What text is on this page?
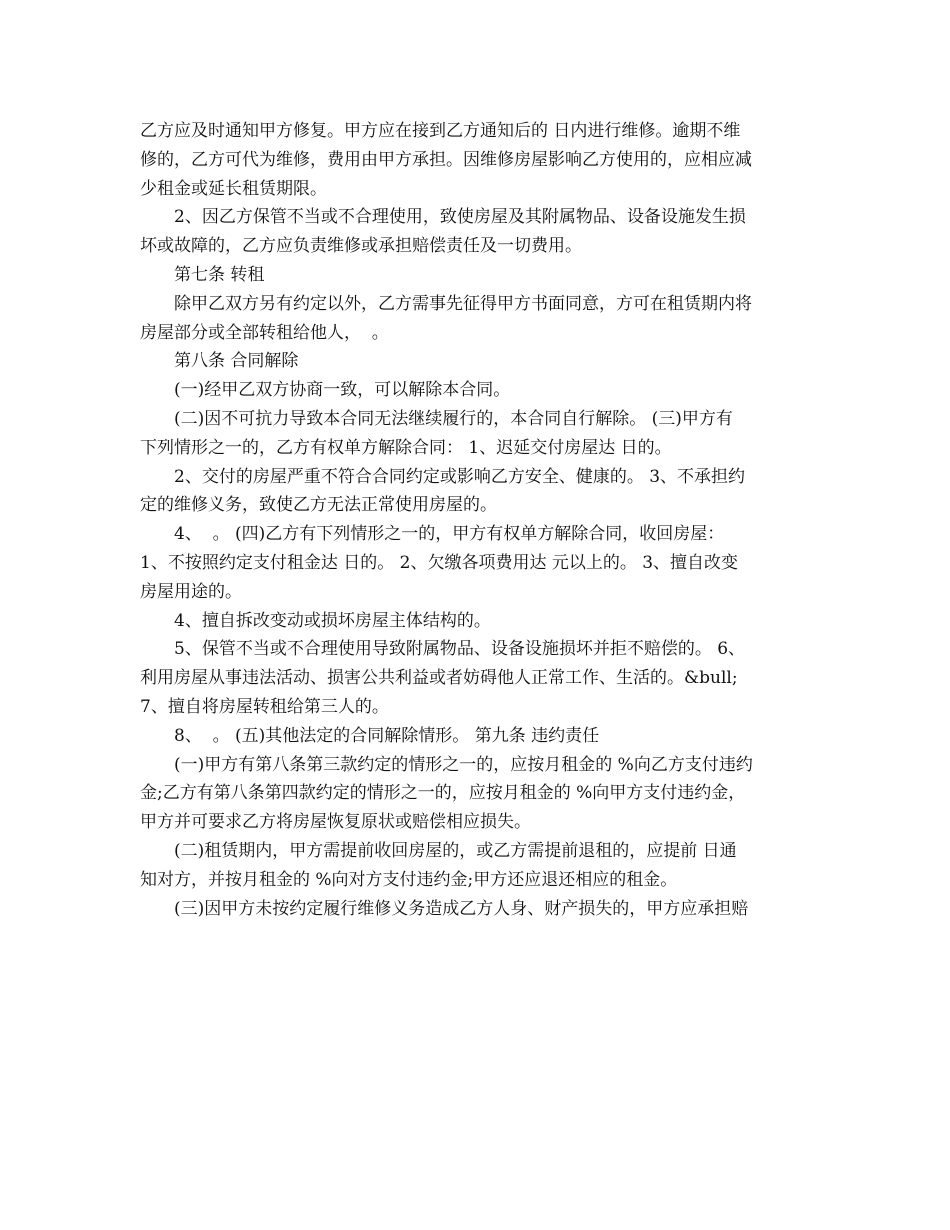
乙方应及时通知甲方修复。甲方应在接到乙方通知后的 日内进行维修。逾期不维
修的，乙方可代为维修，费用由甲方承担。因维修房屋影响乙方使用的，应相应减
少租金或延长租赁期限。
2、因乙方保管不当或不合理使用，致使房屋及其附属物品、设备设施发生损
坏或故障的，乙方应负责维修或承担赔偿责任及一切费用。
第七条 转租
除甲乙双方另有约定以外，乙方需事先征得甲方书面同意，方可在租赁期内将
房屋部分或全部转租给他人，  。
第八条 合同解除
(一)经甲乙双方协商一致，可以解除本合同。
(二)因不可抗力导致本合同无法继续履行的，本合同自行解除。 (三)甲方有
下列情形之一的，乙方有权单方解除合同： 1、迟延交付房屋达 日的。
2、交付的房屋严重不符合合同约定或影响乙方安全、健康的。 3、不承担约
定的维修义务，致使乙方无法正常使用房屋的。
4、  。 (四)乙方有下列情形之一的，甲方有权单方解除合同，收回房屋：
1、不按照约定支付租金达 日的。 2、欠缴各项费用达 元以上的。 3、擅自改变
房屋用途的。
4、擅自拆改变动或损坏房屋主体结构的。
5、保管不当或不合理使用导致附属物品、设备设施损坏并拒不赔偿的。 6、
利用房屋从事违法活动、损害公共利益或者妨碍他人正常工作、生活的。&bull;
7、擅自将房屋转租给第三人的。
8、  。 (五)其他法定的合同解除情形。 第九条 违约责任
(一)甲方有第八条第三款约定的情形之一的，应按月租金的 %向乙方支付违约
金;乙方有第八条第四款约定的情形之一的，应按月租金的 %向甲方支付违约金，
甲方并可要求乙方将房屋恢复原状或赔偿相应损失。
(二)租赁期内，甲方需提前收回房屋的，或乙方需提前退租的，应提前 日通
知对方，并按月租金的 %向对方支付违约金;甲方还应退还相应的租金。
(三)因甲方未按约定履行维修义务造成乙方人身、财产损失的，甲方应承担赔
